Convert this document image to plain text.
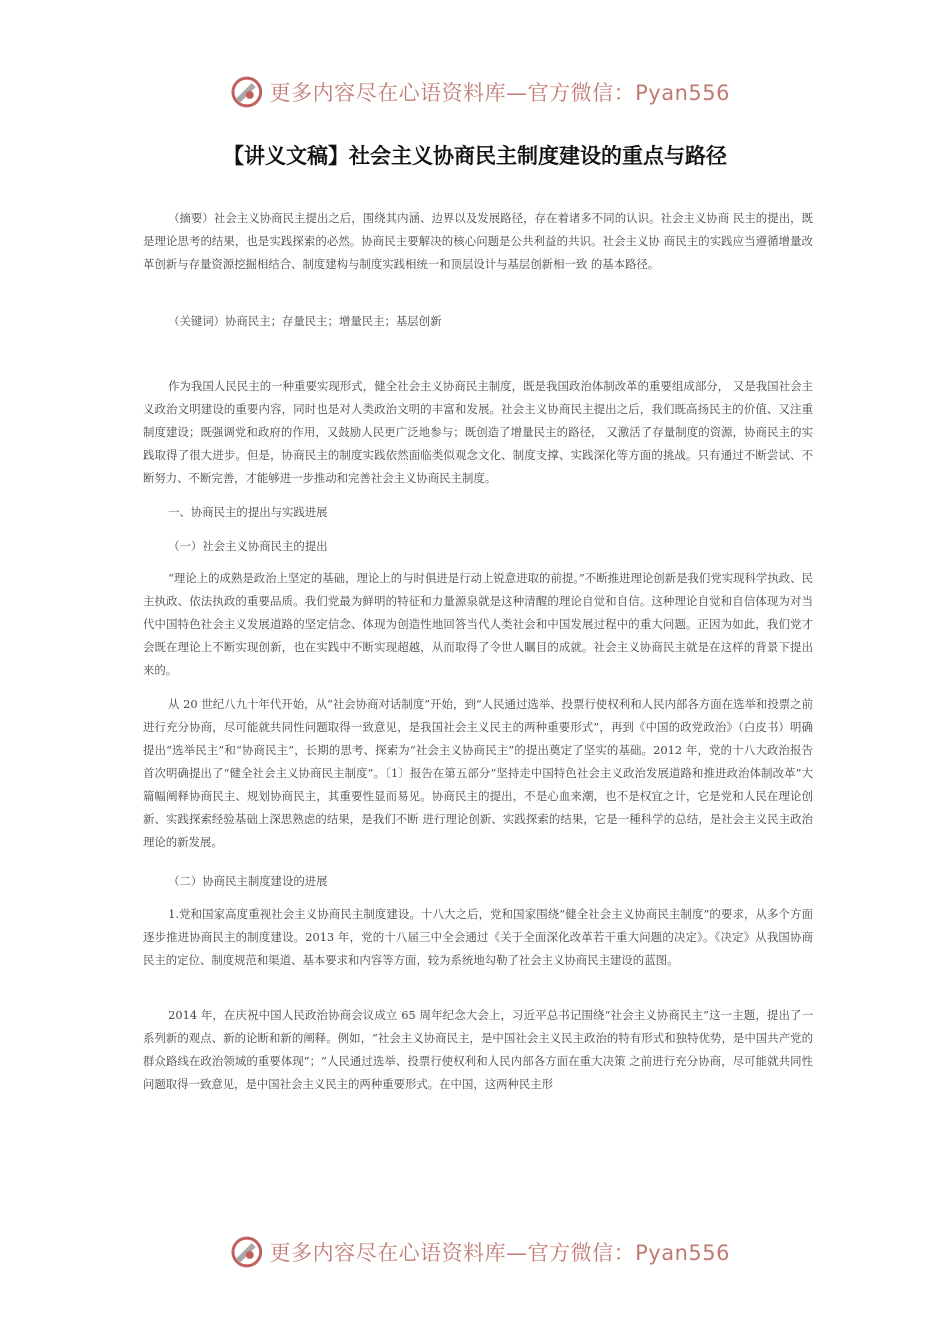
更多内容尽在心语资料库—官方微信：Pyan556
【讲义文稿】社会主义协商民主制度建设的重点与路径

（摘要）社会主义协商民主提出之后，围绕其内涵、边界以及发展路径，存在着诸多不同的认识。社会主义协商 民主的提出，既是理论思考的结果，也是实践探索的必然。协商民主要解决的核心问题是公共利益的共识。社会主义协 商民主的实践应当遵循增量改革创新与存量资源挖掘相结合、制度建构与制度实践相统一和顶层设计与基层创新相一致 的基本路径。

（关键词）协商民主；存量民主；增量民主；基层创新

作为我国人民民主的一种重要实现形式，健全社会主义协商民主制度，既是我国政治体制改革的重要组成部分， 又是我国社会主义政治文明建设的重要内容，同时也是对人类政治文明的丰富和发展。社会主义协商民主提出之后，我们既高扬民主的价值、又注重制度建设；既强调党和政府的作用，又鼓励人民更广泛地参与；既创造了增量民主的路径， 又激活了存量制度的资源，协商民主的实践取得了很大进步。但是，协商民主的制度实践依然面临类似观念文化、制度支撑、实践深化等方面的挑战。只有通过不断尝试、不断努力、不断完善，才能够进一步推动和完善社会主义协商民主制度。

一、协商民主的提出与实践进展

（一）社会主义协商民主的提出

“理论上的成熟是政治上坚定的基础，理论上的与时俱进是行动上锐意进取的前提。”不断推进理论创新是我们党实现科学执政、民主执政、依法执政的重要品质。我们党最为鲜明的特征和力量源泉就是这种清醒的理论自觉和自信。这种理论自觉和自信体现为对当代中国特色社会主义发展道路的坚定信念、体现为创造性地回答当代人类社会和中国发展过程中的重大问题。正因为如此，我们党才会既在理论上不断实现创新，也在实践中不断实现超越，从而取得了令世人瞩目的成就。社会主义协商民主就是在这样的背景下提出来的。

从 20 世纪八九十年代开始，从“社会协商对话制度”开始，到“人民通过选举、投票行使权利和人民内部各方面在选举和投票之前进行充分协商，尽可能就共同性问题取得一致意见，是我国社会主义民主的两种重要形式”，再到《中国的政党政治》（白皮书）明确提出“选举民主”和“协商民主”，长期的思考、探索为“社会主义协商民主”的提出奠定了坚实的基础。2012 年，党的十八大政治报告首次明确提出了“健全社会主义协商民主制度”。〔1〕报告在第五部分“坚持走中国特色社会主义政治发展道路和推进政治体制改革”大篇幅阐释协商民主、规划协商民主，其重要性显而易见。协商民主的提出，不是心血来潮，也不是权宜之计，它是党和人民在理论创新、实践探索经验基础上深思熟虑的结果，是我们不断 进行理论创新、实践探索的结果，它是一種科学的总结，是社会主义民主政治理论的新发展。

（二）协商民主制度建设的进展

1.党和国家高度重视社会主义协商民主制度建设。十八大之后，党和国家围绕“健全社会主义协商民主制度”的要求，从多个方面逐步推进协商民主的制度建设。2013 年，党的十八届三中全会通过《关于全面深化改革若干重大问题的决定》。《决定》从我国协商民主的定位、制度规范和渠道、基本要求和内容等方面，较为系统地勾勒了社会主义协商民主建设的蓝图。

2014 年，在庆祝中国人民政治协商会议成立 65 周年纪念大会上，习近平总书记围绕“社会主义协商民主”这一主题，提出了一系列新的观点、新的论断和新的阐释。例如，“社会主义协商民主，是中国社会主义民主政治的特有形式和独特优势，是中国共产党的群众路线在政治领域的重要体现”；“人民通过选举、投票行使权利和人民内部各方面在重大决策 之前进行充分协商，尽可能就共同性问题取得一致意见，是中国社会主义民主的两种重要形式。在中国，这两种民主形

更多内容尽在心语资料库—官方微信：Pyan556
